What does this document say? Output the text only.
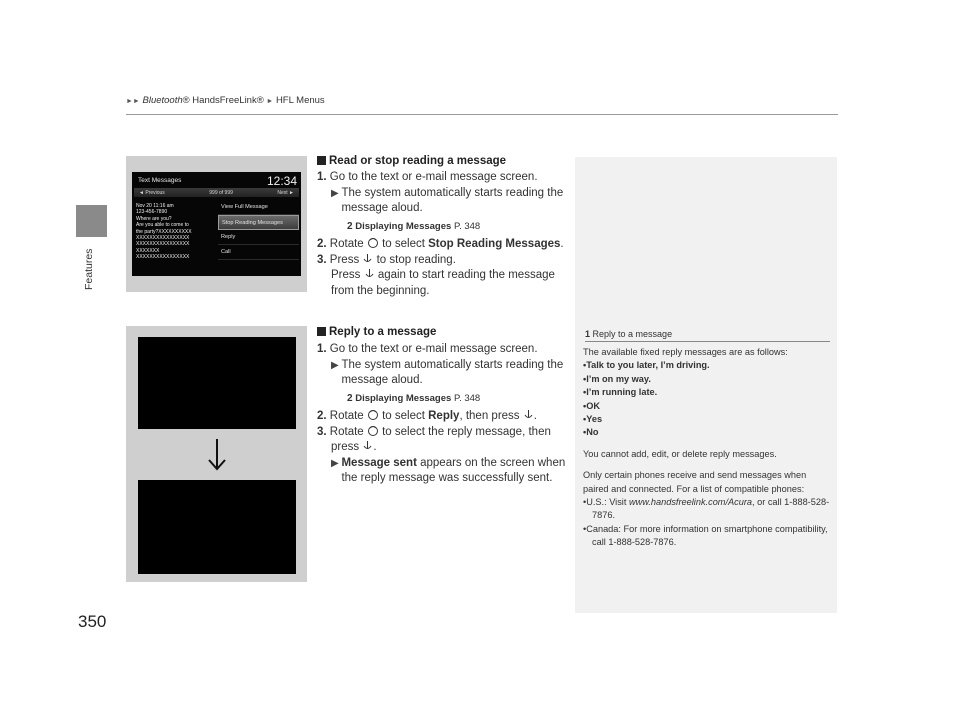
►► Bluetooth® HandsFreeLink® ► HFL Menus
Features
350
Text Messages	12:34
◄ Previous	999 of 999	Next ►
Nov 20 11:16 am
123-456-7890
Where are you?
Are you able to come to
the party?XXXXXXXXXX
XXXXXXXXXXXXXXXX
XXXXXXXXXXXXXXXX
XXXXXXX
XXXXXXXXXXXXXXXX
View Full Message
Stop Reading Messages
Reply
Call
Read or stop reading a message
1. Go to the text or e-mail message screen.
▶ The system automatically starts reading the message aloud.
2 Displaying Messages P. 348
2. Rotate to select Stop Reading Messages.
3. Press to stop reading.
Press again to start reading the message from the beginning.
Reply to a message
1. Go to the text or e-mail message screen.
▶ The system automatically starts reading the message aloud.
2 Displaying Messages P. 348
2. Rotate to select Reply, then press .
3. Rotate to select the reply message, then press .
▶ Message sent appears on the screen when the reply message was successfully sent.
1 Reply to a message

The available fixed reply messages are as follows:

•Talk to you later, I’m driving.
•I’m on my way.
•I’m running late.
•OK
•Yes
•No

You cannot add, edit, or delete reply messages.

Only certain phones receive and send messages when paired and connected. For a list of compatible phones:

•U.S.: Visit www.handsfreelink.com/Acura, or call 1-888-528-7876.
•Canada: For more information on smartphone compatibility, call 1-888-528-7876.
